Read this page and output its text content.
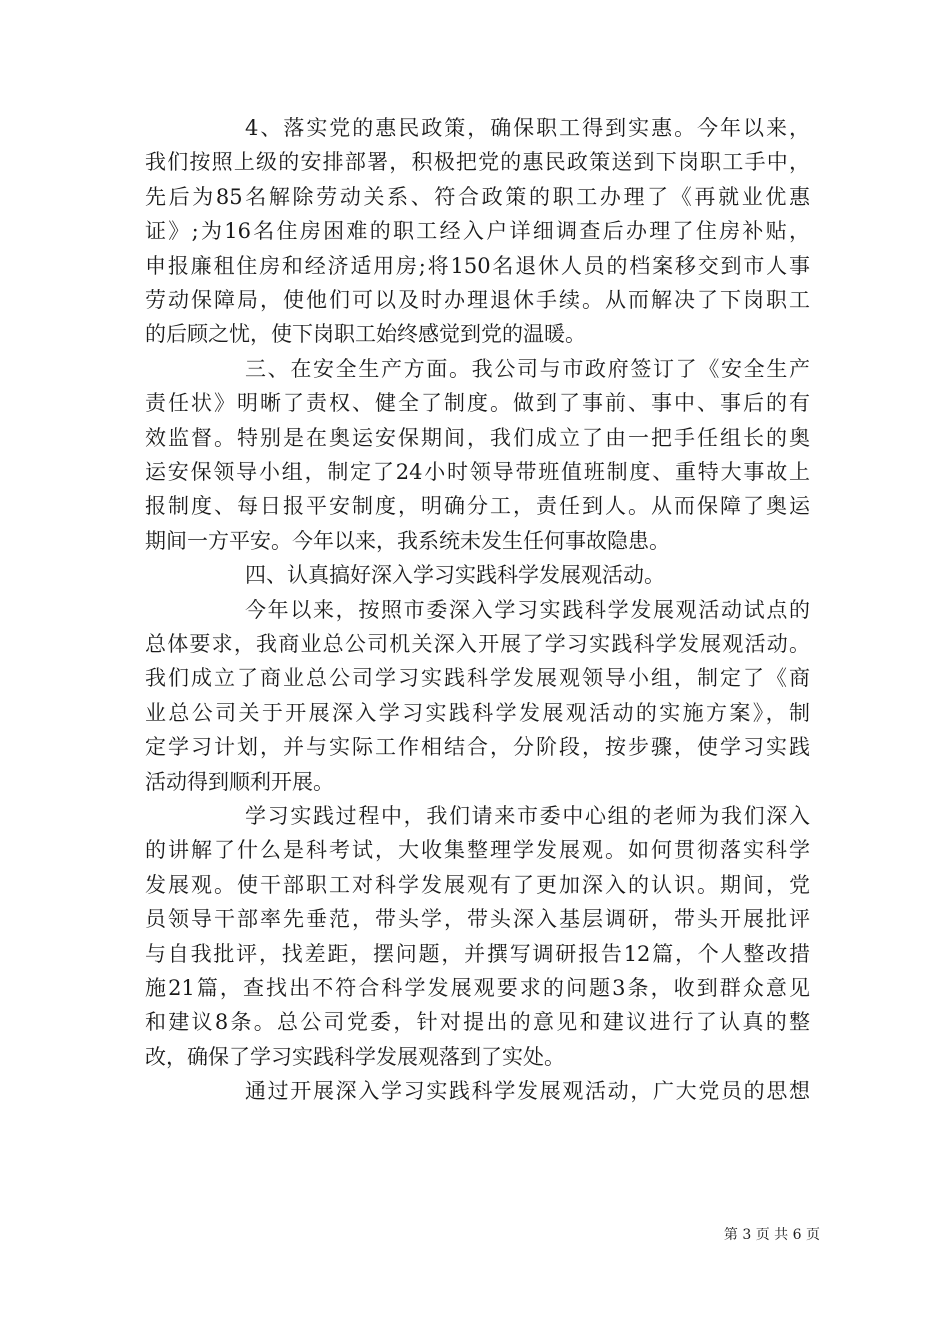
4、落实党的惠民政策，确保职工得到实惠。今年以来，
我们按照上级的安排部署，积极把党的惠民政策送到下岗职工手中，
先后为85名解除劳动关系、符合政策的职工办理了《再就业优惠
证》;为16名住房困难的职工经入户详细调查后办理了住房补贴，
申报廉租住房和经济适用房;将150名退休人员的档案移交到市人事
劳动保障局，使他们可以及时办理退休手续。从而解决了下岗职工
的后顾之忧，使下岗职工始终感觉到党的温暖。
三、在安全生产方面。我公司与市政府签订了《安全生产
责任状》明晰了责权、健全了制度。做到了事前、事中、事后的有
效监督。特别是在奥运安保期间，我们成立了由一把手任组长的奥
运安保领导小组，制定了24小时领导带班值班制度、重特大事故上
报制度、每日报平安制度，明确分工，责任到人。从而保障了奥运
期间一方平安。今年以来，我系统未发生任何事故隐患。
四、认真搞好深入学习实践科学发展观活动。
今年以来，按照市委深入学习实践科学发展观活动试点的
总体要求，我商业总公司机关深入开展了学习实践科学发展观活动。
我们成立了商业总公司学习实践科学发展观领导小组，制定了《商
业总公司关于开展深入学习实践科学发展观活动的实施方案》，制
定学习计划，并与实际工作相结合，分阶段，按步骤，使学习实践
活动得到顺利开展。
学习实践过程中，我们请来市委中心组的老师为我们深入
的讲解了什么是科考试，大收集整理学发展观。如何贯彻落实科学
发展观。使干部职工对科学发展观有了更加深入的认识。期间，党
员领导干部率先垂范，带头学，带头深入基层调研，带头开展批评
与自我批评，找差距，摆问题，并撰写调研报告12篇，个人整改措
施21篇，查找出不符合科学发展观要求的问题3条，收到群众意见
和建议8条。总公司党委，针对提出的意见和建议进行了认真的整
改，确保了学习实践科学发展观落到了实处。
通过开展深入学习实践科学发展观活动，广大党员的思想
第 3 页 共 6 页
